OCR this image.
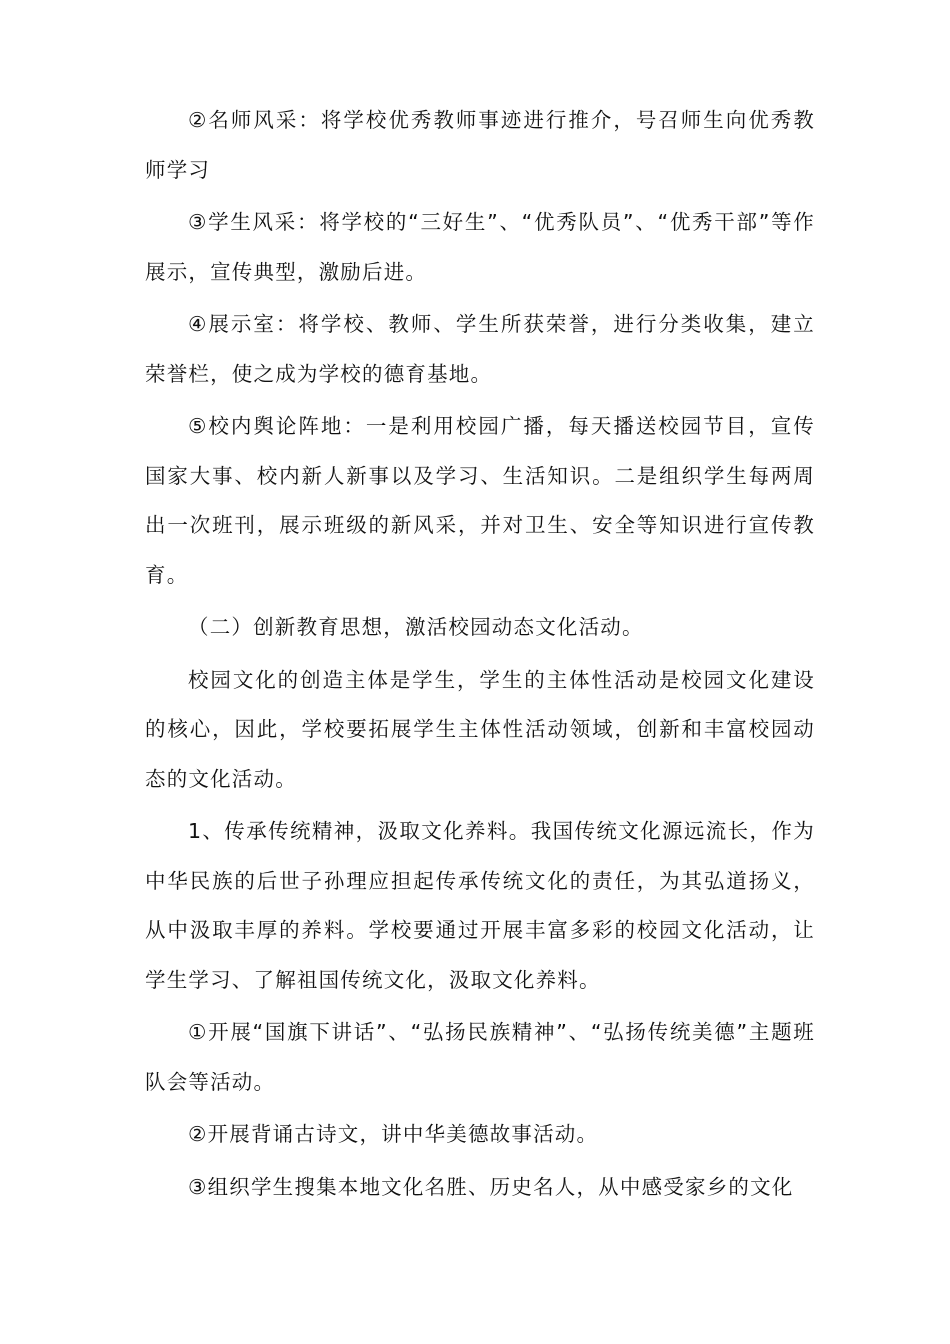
②名师风采：将学校优秀教师事迹进行推介，号召师生向优秀教师学习

③学生风采：将学校的“三好生”、“优秀队员”、“优秀干部”等作展示，宣传典型，激励后进。

④展示室：将学校、教师、学生所获荣誉，进行分类收集，建立荣誉栏，使之成为学校的德育基地。

⑤校内舆论阵地：一是利用校园广播，每天播送校园节目，宣传国家大事、校内新人新事以及学习、生活知识。二是组织学生每两周出一次班刊，展示班级的新风采，并对卫生、安全等知识进行宣传教育。

（二）创新教育思想，激活校园动态文化活动。

校园文化的创造主体是学生，学生的主体性活动是校园文化建设的核心，因此，学校要拓展学生主体性活动领域，创新和丰富校园动态的文化活动。

1、传承传统精神，汲取文化养料。我国传统文化源远流长，作为中华民族的后世子孙理应担起传承传统文化的责任，为其弘道扬义，从中汲取丰厚的养料。学校要通过开展丰富多彩的校园文化活动，让学生学习、了解祖国传统文化，汲取文化养料。

①开展“国旗下讲话”、“弘扬民族精神”、“弘扬传统美德”主题班队会等活动。

②开展背诵古诗文，讲中华美德故事活动。

③组织学生搜集本地文化名胜、历史名人，从中感受家乡的文化
